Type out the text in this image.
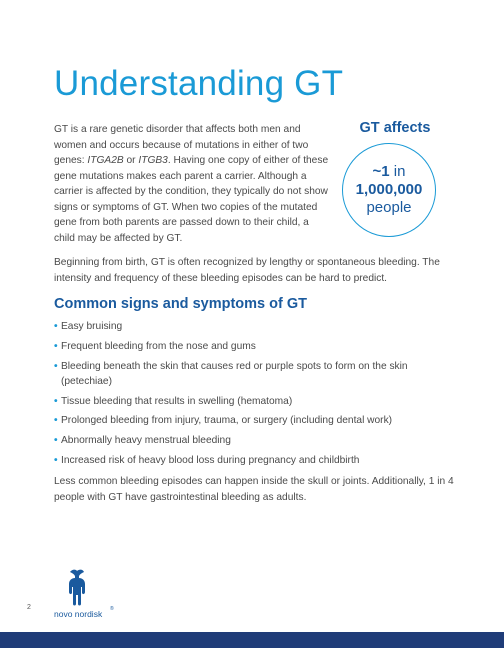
Understanding GT

GT is a rare genetic disorder that affects both men and women and occurs because of mutations in either of two genes: ITGA2B or ITGB3. Having one copy of either of these gene mutations makes each parent a carrier. Although a carrier is affected by the condition, they typically do not show signs or symptoms of GT. When two copies of the mutated gene from both parents are passed down to their child, a child may be affected by GT.

GT affects
~1 in
1,000,000
people

Beginning from birth, GT is often recognized by lengthy or spontaneous bleeding. The intensity and frequency of these bleeding episodes can be hard to predict.

Common signs and symptoms of GT
• Easy bruising
• Frequent bleeding from the nose and gums
• Bleeding beneath the skin that causes red or purple spots to form on the skin (petechiae)
• Tissue bleeding that results in swelling (hematoma)
• Prolonged bleeding from injury, trauma, or surgery (including dental work)
• Abnormally heavy menstrual bleeding
• Increased risk of heavy blood loss during pregnancy and childbirth

Less common bleeding episodes can happen inside the skull or joints. Additionally, 1 in 4 people with GT have gastrointestinal bleeding as adults.

2
novo nordisk	®
